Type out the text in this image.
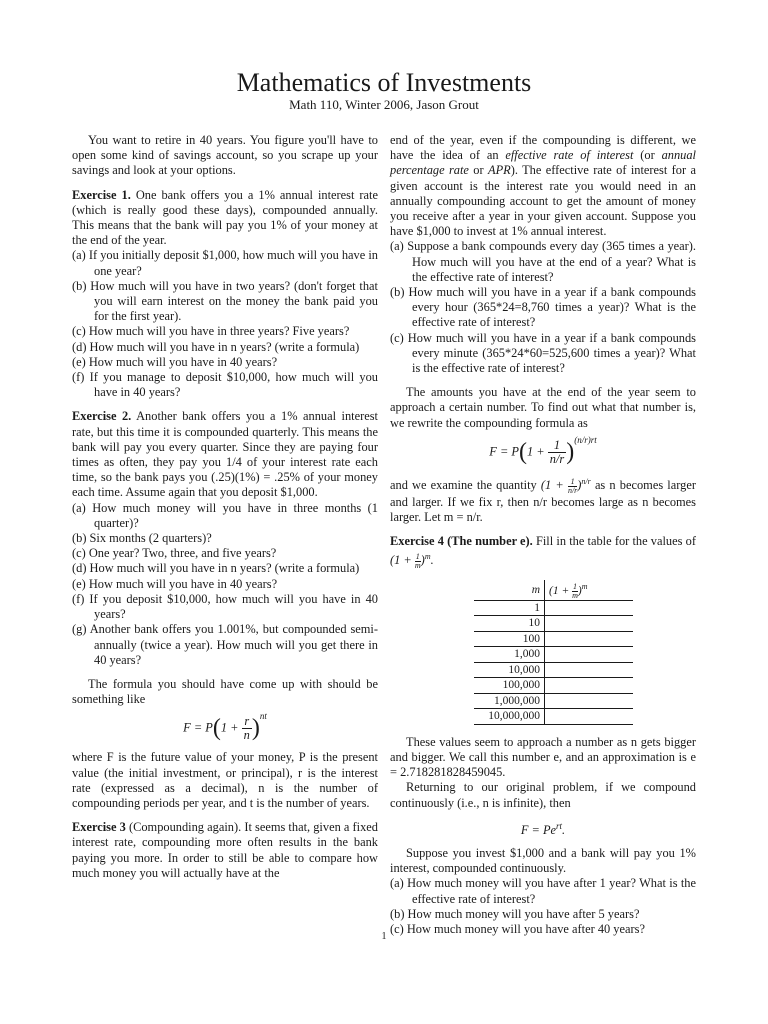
Mathematics of Investments
Math 110, Winter 2006, Jason Grout

You want to retire in 40 years. You figure you'll have to open some kind of savings account, so you scrape up your savings and look at your options.

Exercise 1. One bank offers you a 1% annual interest rate (which is really good these days), compounded annually. This means that the bank will pay you 1% of your money at the end of the year.

(a) If you initially deposit $1,000, how much will you have in one year?
(b) How much will you have in two years? (don't forget that you will earn interest on the money the bank paid you for the first year).
(c) How much will you have in three years? Five years?
(d) How much will you have in n years? (write a formula)
(e) How much will you have in 40 years?
(f) If you manage to deposit $10,000, how much will you have in 40 years?

Exercise 2. Another bank offers you a 1% annual interest rate, but this time it is compounded quarterly. This means the bank will pay you every quarter. Since they are paying four times as often, they pay you 1/4 of your interest rate each time, so the bank pays you (.25)(1%) = .25% of your money each time. Assume again that you deposit $1,000.

(a) How much money will you have in three months (1 quarter)?
(b) Six months (2 quarters)?
(c) One year? Two, three, and five years?
(d) How much will you have in n years? (write a formula)
(e) How much will you have in 40 years?
(f) If you deposit $10,000, how much will you have in 40 years?
(g) Another bank offers you 1.001%, but compounded semi-annually (twice a year). How much will you get there in 40 years?

The formula you should have come up with should be something like

$F = P(1 + \frac{r}{n} )^{nt}$

where F is the future value of your money, P is the present value (the initial investment, or principal), r is the interest rate (expressed as a decimal), n is the number of compounding periods per year, and t is the number of years.

Exercise 3 (Compounding again). It seems that, given a fixed interest rate, compounding more often results in the bank paying you more. In order to still be able to compare how much money you will actually have at the

end of the year, even if the compounding is different, we have the idea of an effective rate of interest (or annual percentage rate or APR). The effective rate of interest for a given account is the interest rate you would need in an annually compounding account to get the amount of money you receive after a year in your given account. Suppose you have $1,000 to invest at 1% annual interest.

(a) Suppose a bank compounds every day (365 times a year). How much will you have at the end of a year? What is the effective rate of interest?
(b) How much will you have in a year if a bank compounds every hour (365*24=8,760 times a year)? What is the effective rate of interest?
(c) How much will you have in a year if a bank compounds every minute (365*24*60=525,600 times a year)? What is the effective rate of interest?

The amounts you have at the end of the year seem to approach a certain number. To find out what that number is, we rewrite the compounding formula as

$F = P(1 + \frac{1}{n/r} )^{(n/r)rt}$

and we examine the quantity $(1 + \frac{1}{n/r} )^{n/r}$ as n becomes larger and larger. If we fix r, then n/r becomes large as n becomes larger. Let m = n/r.

Exercise 4 (The number e). Fill in the table for the values of $(1 + \frac{1}{m} )^m$.

m	$(1 + \frac{1}{m} )^m$
1	
10	
100	
1,000	
10,000	
100,000	
1,000,000	
10,000,000	

These values seem to approach a number as n gets bigger and bigger. We call this number e, and an approximation is e = 2.718281828459045.

Returning to our original problem, if we compound continuously (i.e., n is infinite), then

$F = Pe^{rt}$.

Suppose you invest $1,000 and a bank will pay you 1% interest, compounded continuously.

(a) How much money will you have after 1 year? What is the effective rate of interest?
(b) How much money will you have after 5 years?
(c) How much money will you have after 40 years?
1
